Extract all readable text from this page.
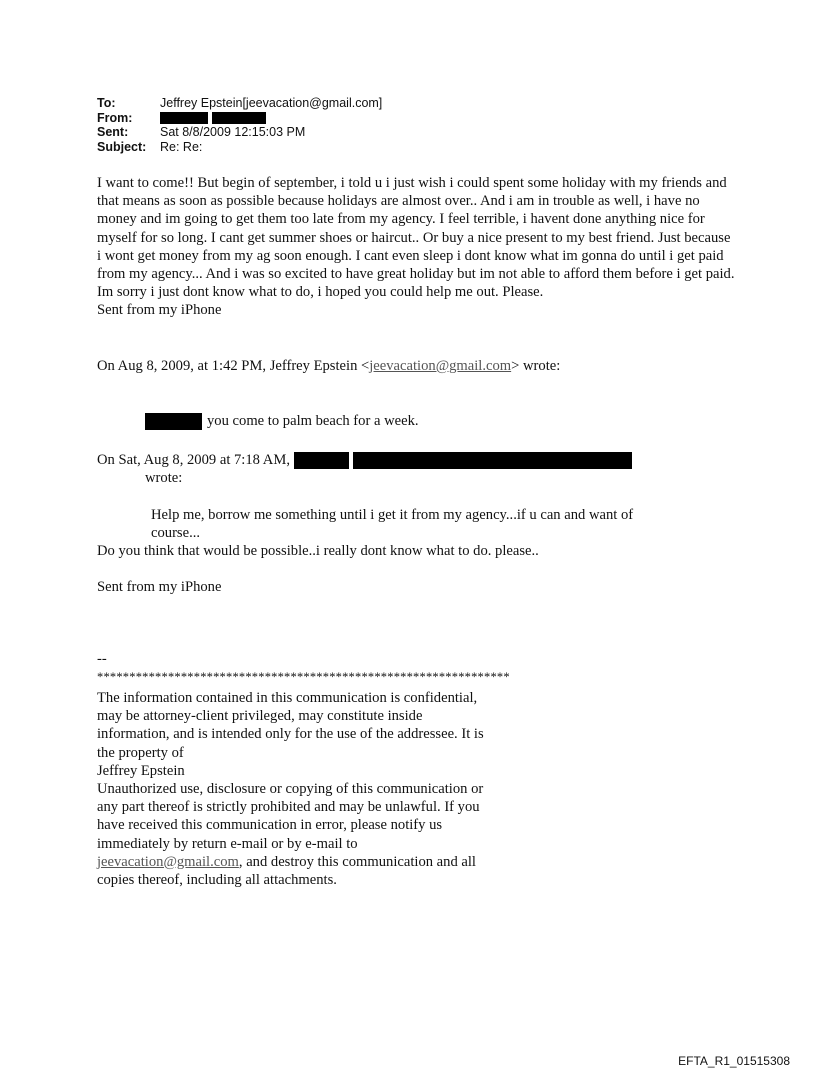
To:	Jeffrey Epstein[jeevacation@gmail.com]
From:
Sent:	Sat 8/8/2009 12:15:03 PM
Subject:	Re: Re:
I want to come!! But begin of september, i told u i just wish i could spent some holiday with my friends and that means as soon as possible because holidays are almost over.. And i am in trouble as well, i have no money and im going to get them too late from my agency. I feel terrible, i havent done anything nice for myself for so long. I cant get summer shoes or haircut.. Or buy a nice present to my best friend. Just because i wont get money from my ag soon enough. I cant even sleep i dont know what im gonna do until i get paid from my agency... And i was so excited to have great holiday but im not able to afford them before i get paid. Im sorry i just dont know what to do, i hoped you could help me out. Please.
Sent from my iPhone
On Aug 8, 2009, at 1:42 PM, Jeffrey Epstein <jeevacation@gmail.com> wrote:
you come to palm beach for a week.
On Sat, Aug 8, 2009 at 7:18 AM,
wrote:
Help me, borrow me something until i get it from my agency...if u can and want of course...
Do you think that would be possible..i really dont know what to do. please..
Sent from my iPhone
--
****************************************************************
The information contained in this communication is confidential, may be attorney-client privileged, may constitute inside information, and is intended only for the use of the addressee. It is the property of
Jeffrey Epstein
Unauthorized use, disclosure or copying of this communication or any part thereof is strictly prohibited and may be unlawful. If you have received this communication in error, please notify us immediately by return e-mail or by e-mail to jeevacation@gmail.com, and destroy this communication and all copies thereof, including all attachments.
EFTA_R1_01515308
